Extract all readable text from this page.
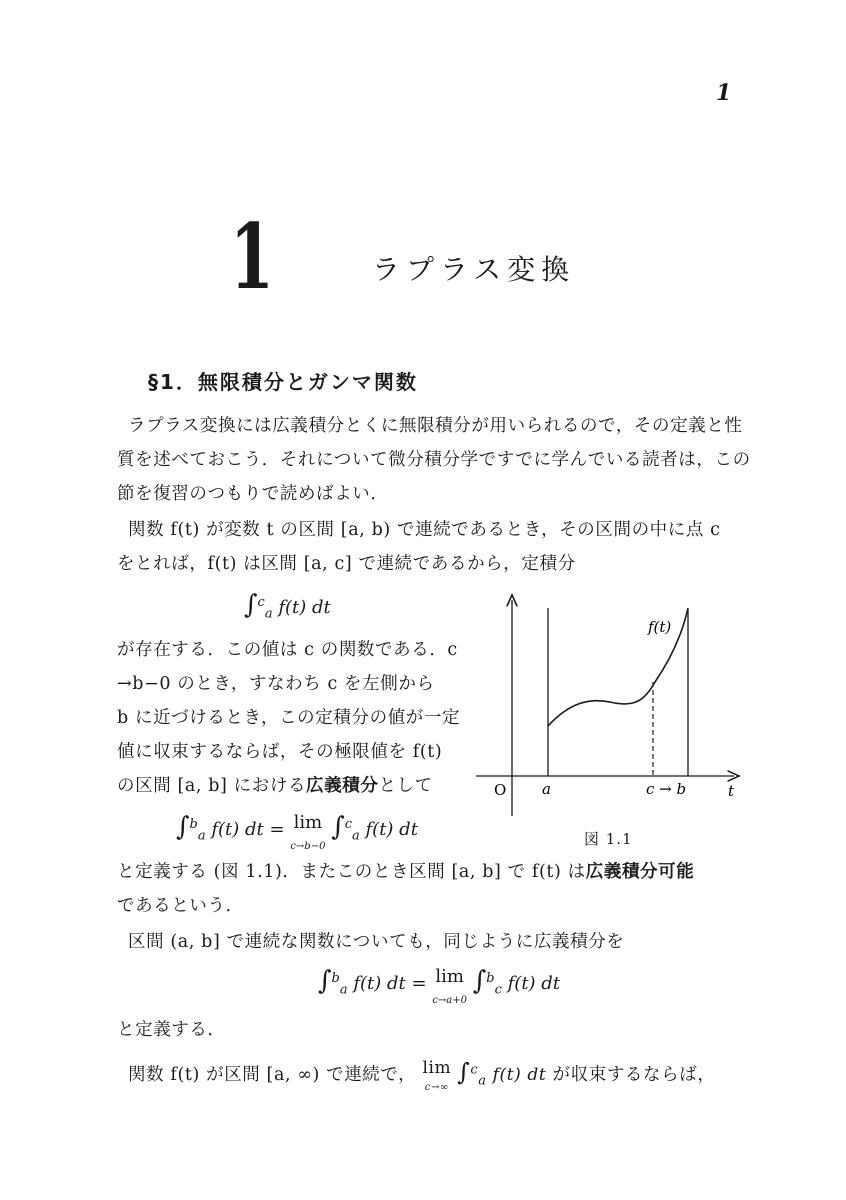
1
1	ラプラス変換
§1．無限積分とガンマ関数
ラプラス変換には広義積分とくに無限積分が用いられるので，その定義と性
質を述べておこう．それについて微分積分学ですでに学んでいる読者は，この
節を復習のつもりで読めばよい．
関数 f(t) が変数 t の区間 [a, b) で連続であるとき，その区間の中に点 c
をとれば，f(t) は区間 [a, c] で連続であるから，定積分
∫$^c_a$ f(t) dt
が存在する．この値は c の関数である．c
→b−0 のとき，すなわち c を左側から
b に近づけるとき，この定積分の値が一定
値に収束するならば，その極限値を f(t)
の区間 [a, b] における広義積分として
∫$^b_a$ f(t) dt = lim
c→b−0 ∫$^c_a$ f(t) dt
と定義する (図 1.1)．またこのとき区間 [a, b] で f(t) は広義積分可能
であるという．
区間 (a, b] で連続な関数についても，同じように広義積分を
∫$^b_a$ f(t) dt = lim
c→a+0 ∫$^b_c$ f(t) dt
と定義する．
関数 f(t) が区間 [a, ∞) で連続で， lim
c→∞ ∫$^c_a$ f(t) dt が収束するならば，
O a	c → b	t
f(t)
図 1.1
